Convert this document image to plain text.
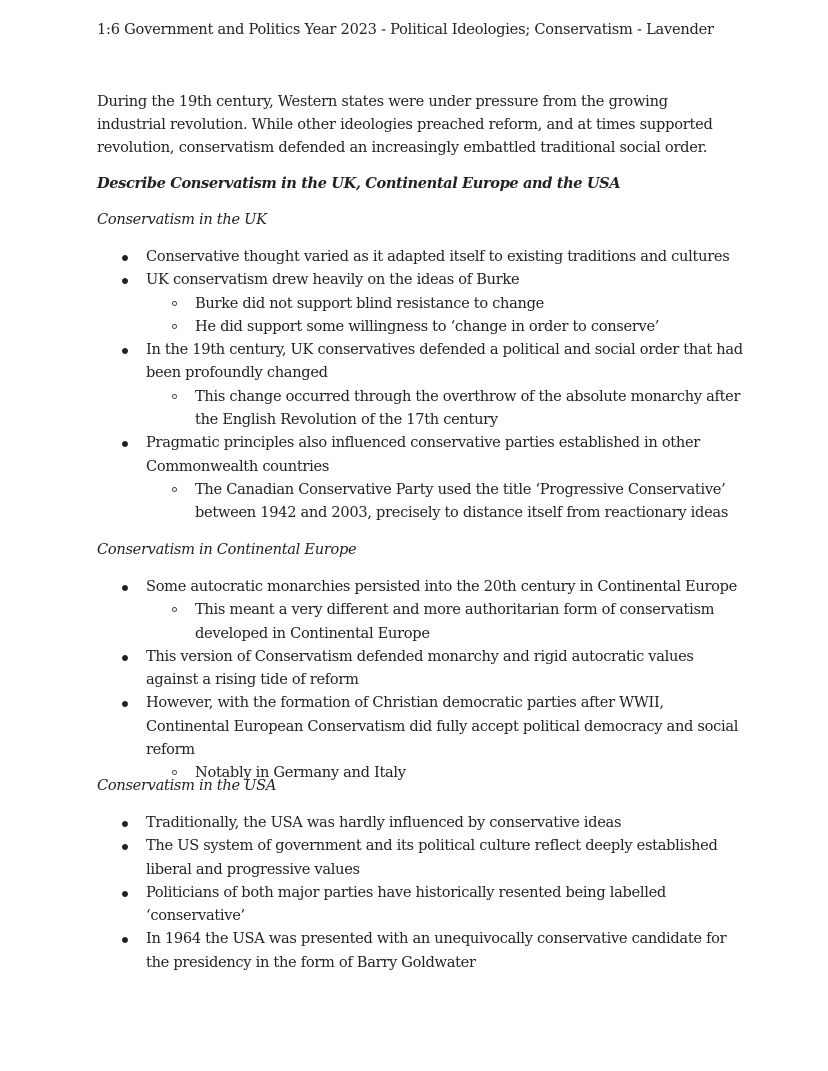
1:6 Government and Politics Year 2023 - Political Ideologies; Conservatism - Lavender

During the 19th century, Western states were under pressure from the growing industrial revolution. While other ideologies preached reform, and at times supported revolution, conservatism defended an increasingly embattled traditional social order.

Describe Conservatism in the UK, Continental Europe and the USA

Conservatism in the UK

Conservative thought varied as it adapted itself to existing traditions and cultures
UK conservatism drew heavily on the ideas of Burke
Burke did not support blind resistance to change
He did support some willingness to ‘change in order to conserve’
In the 19th century, UK conservatives defended a political and social order that had been profoundly changed
This change occurred through the overthrow of the absolute monarchy after the English Revolution of the 17th century
Pragmatic principles also influenced conservative parties established in other Commonwealth countries
The Canadian Conservative Party used the title ‘Progressive Conservative’ between 1942 and 2003, precisely to distance itself from reactionary ideas

Conservatism in Continental Europe

Some autocratic monarchies persisted into the 20th century in Continental Europe
This meant a very different and more authoritarian form of conservatism developed in Continental Europe
This version of Conservatism defended monarchy and rigid autocratic values against a rising tide of reform
However, with the formation of Christian democratic parties after WWII, Continental European Conservatism did fully accept political democracy and social reform
Notably in Germany and Italy

Conservatism in the USA

Traditionally, the USA was hardly influenced by conservative ideas
The US system of government and its political culture reflect deeply established liberal and progressive values
Politicians of both major parties have historically resented being labelled ‘conservative’
In 1964 the USA was presented with an unequivocally conservative candidate for the presidency in the form of Barry Goldwater
